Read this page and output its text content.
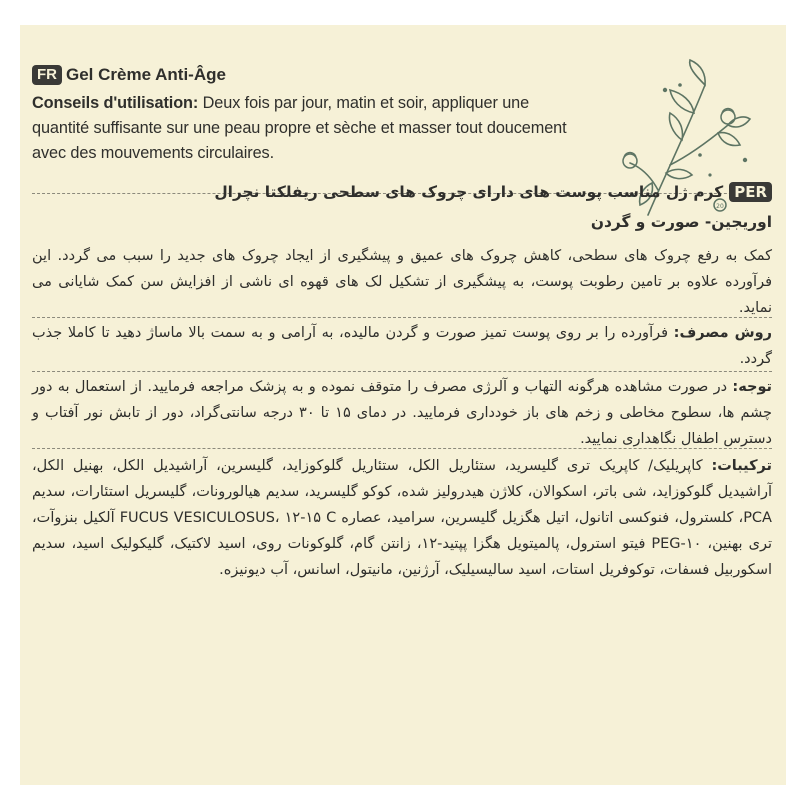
FR Gel Crème Anti-Âge
Conseils d'utilisation: Deux fois par jour, matin et soir, appliquer une quantité suffisante sur une peau propre et sèche et masser tout doucement avec des mouvements circulaires.
20
PERکرم ژل مناسب پوست های دارای چروک های سطحی ریفلکتا نچرال
اوریجین- صورت و گردن
کمک به رفع چروک های سطحی، کاهش چروک های عمیق و پیشگیری از ایجاد چروک های جدید را سبب می گردد. این فرآورده علاوه بر تامین رطوبت پوست، به پیشگیری از تشکیل لک های قهوه ای ناشی از افزایش سن کمک شایانی می نماید.
روش مصرف: فرآورده را بر روی پوست تمیز صورت و گردن مالیده، به آرامی و به سمت بالا ماساژ دهید تا کاملا جذب گردد.
توجه: در صورت مشاهده هرگونه التهاب و آلرژی مصرف را متوقف نموده و به پزشک مراجعه فرمایید. از استعمال به دور چشم ها، سطوح مخاطی و زخم های باز خودداری فرمایید. در دمای ۱۵ تا ۳۰ درجه سانتی‌گراد، دور از تابش نور آفتاب و دسترس اطفال نگاهداری نمایید.
ترکیبات: کاپریلیک/ کاپریک تری گلیسرید، ستئاریل الکل، ستئاریل گلوکوزاید، گلیسرین، آراشیدیل الکل، بهنیل الکل، آراشیدیل گلوکوزاید، شی باتر، اسکوالان، کلاژن هیدرولیز شده، کوکو گلیسرید، سدیم هیالورونات، گلیسریل استئارات، سدیم PCA، کلسترول، فنوکسی اتانول، اتیل هگزیل گلیسرین، سرامید، عصاره FUCUS VESICULOSUS، ۱۲-۱۵ C آلکیل بنزوآت، تری بهنین، PEG-۱۰ فیتو استرول، پالمیتویل هگزا پپتید-۱۲، زانتن گام، گلوکونات روی، اسید لاکتیک، گلیکولیک اسید، سدیم اسکوربیل فسفات، توکوفریل استات، اسید سالیسیلیک، آرژنین، مانیتول، اسانس، آب دیونیزه.
